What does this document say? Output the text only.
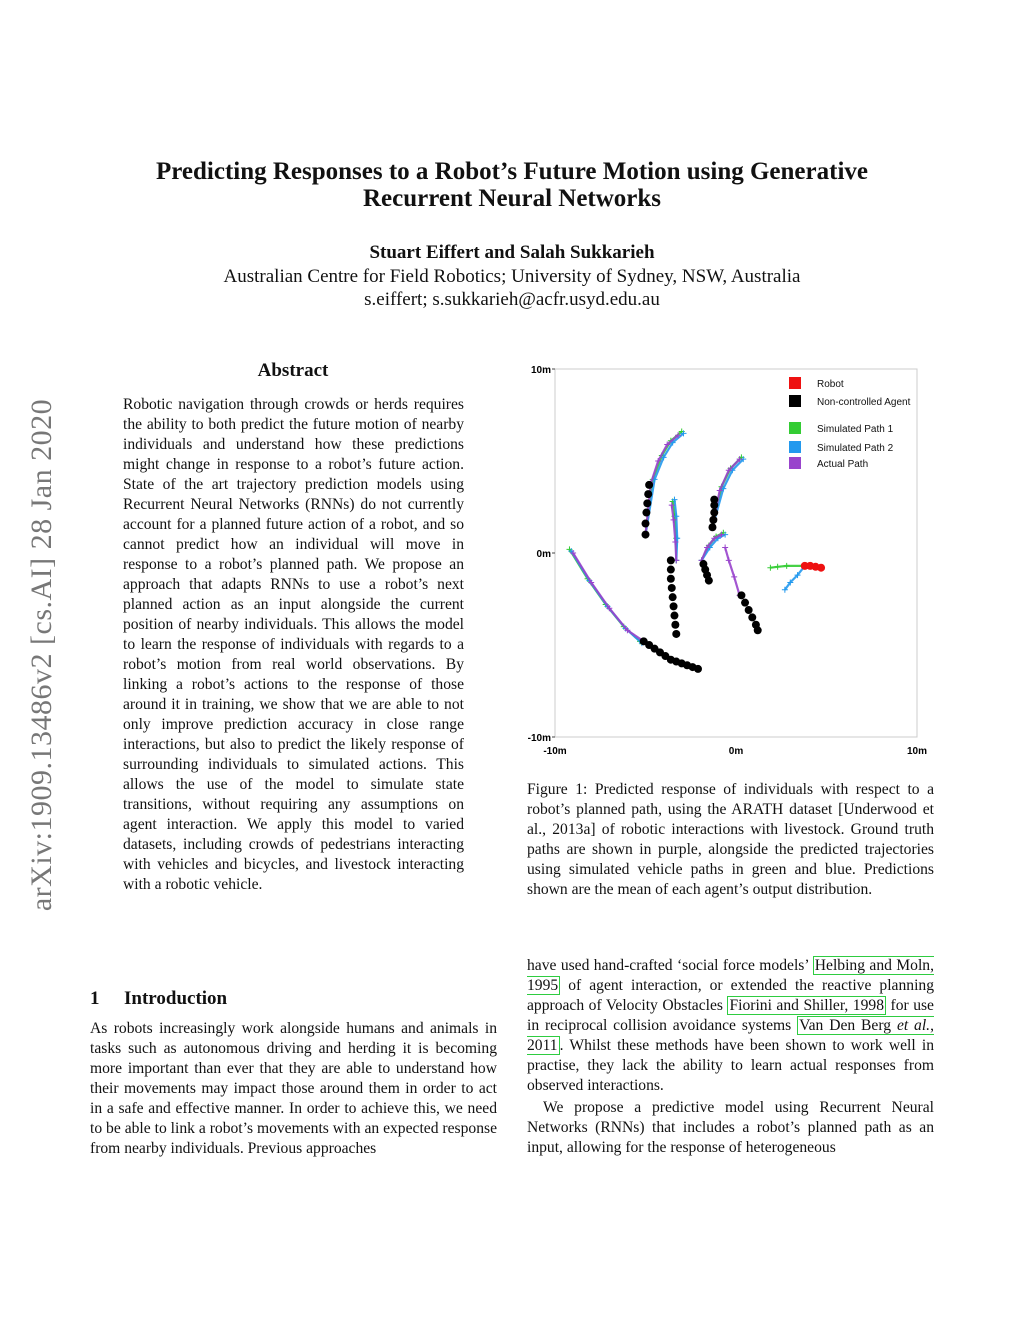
arXiv:1909.13486v2 [cs.AI] 28 Jan 2020
Predicting Responses to a Robot’s Future Motion using Generative Recurrent Neural Networks
Stuart Eiffert and Salah Sukkarieh
Australian Centre for Field Robotics; University of Sydney, NSW, Australia
s.eiffert; s.sukkarieh@acfr.usyd.edu.au
Abstract

Robotic navigation through crowds or herds requires the ability to both predict the future motion of nearby individuals and understand how these predictions might change in response to a robot’s future action. State of the art trajectory prediction models using Recurrent Neural Networks (RNNs) do not currently account for a planned future action of a robot, and so cannot predict how an individual will move in response to a robot’s planned path. We propose an approach that adapts RNNs to use a robot’s next planned action as an input alongside the current position of nearby individuals. This allows the model to learn the response of individuals with regards to a robot’s motion from real world observations. By linking a robot’s actions to the response of those around it in training, we show that we are able to not only improve prediction accuracy in close range interactions, but also to predict the likely response of surrounding individuals to simulated actions. This allows the use of the model to simulate state transitions, without requiring any assumptions on agent interaction. We apply this model to varied datasets, including crowds of pedestrians interacting with vehicles and bicycles, and livestock interacting with a robotic vehicle.

1 Introduction

As robots increasingly work alongside humans and animals in tasks such as autonomous driving and herding it is becoming more important than ever that they are able to understand how their movements may impact those around them in order to act in a safe and effective manner. In order to achieve this, we need to be able to link a robot’s movements with an expected response from nearby individuals. Previous approaches

10m
0m
-10m
-10m	0m	10m
Robot
Non-controlled Agent
Simulated Path 1
Simulated Path 2
Actual Path

Figure 1: Predicted response of individuals with respect to a robot’s planned path, using the ARATH dataset [Underwood et al., 2013a] of robotic interactions with livestock. Ground truth paths are shown in purple, alongside the predicted trajectories using simulated vehicle paths in green and blue. Predictions shown are the mean of each agent’s output distribution.

have used hand-crafted ‘social force models’ Helbing and Moln, 1995 of agent interaction, or extended the reactive planning approach of Velocity Obstacles Fiorini and Shiller, 1998 for use in reciprocal collision avoidance systems Van Den Berg et al., 2011 . Whilst these methods have been shown to work well in practise, they lack the ability to learn actual responses from observed interactions.

We propose a predictive model using Recurrent Neural Networks (RNNs) that includes a robot’s planned path as an input, allowing for the response of heterogeneous
